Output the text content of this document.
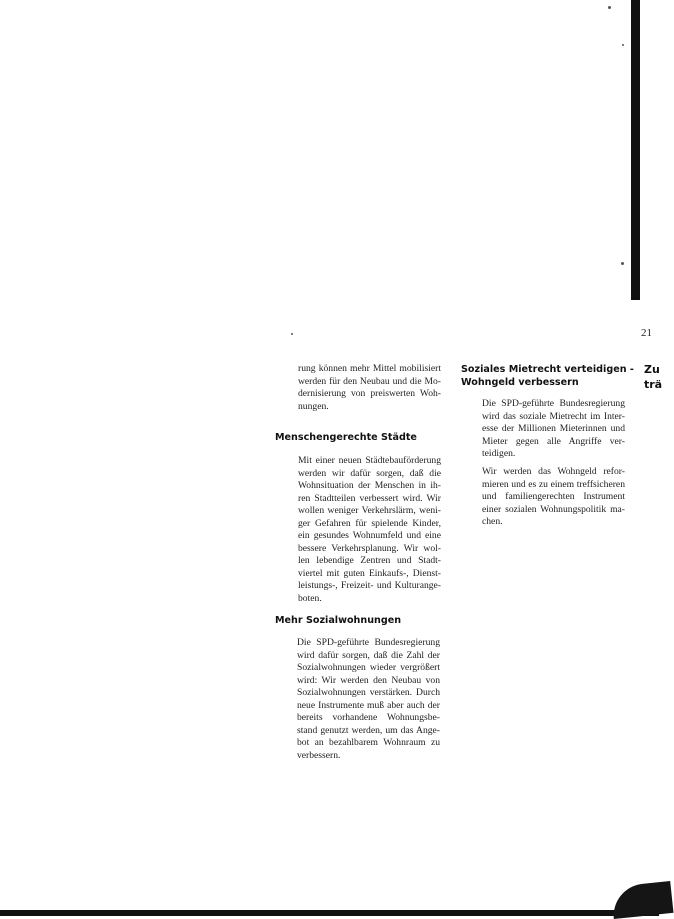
21
rung können mehr Mittel mobilisiert
werden für den Neubau und die Mo-
dernisierung von preiswerten Woh-
nungen.
Menschengerechte Städte
Mit einer neuen Städtebauförderung
werden wir dafür sorgen, daß die
Wohnsituation der Menschen in ih-
ren Stadtteilen verbessert wird. Wir
wollen weniger Verkehrslärm, weni-
ger Gefahren für spielende Kinder,
ein gesundes Wohnumfeld und eine
bessere Verkehrsplanung. Wir wol-
len lebendige Zentren und Stadt-
viertel mit guten Einkaufs-, Dienst-
leistungs-, Freizeit- und Kulturange-
boten.
Mehr Sozialwohnungen
Die SPD-geführte Bundesregierung
wird dafür sorgen, daß die Zahl der
Sozialwohnungen wieder vergrößert
wird: Wir werden den Neubau von
Sozialwohnungen verstärken. Durch
neue Instrumente muß aber auch der
bereits vorhandene Wohnungsbe-
stand genutzt werden, um das Ange-
bot an bezahlbarem Wohnraum zu
verbessern.
Soziales Mietrecht verteidigen -
Wohngeld verbessern
Die SPD-geführte Bundesregierung
wird das soziale Mietrecht im Inter-
esse der Millionen Mieterinnen und
Mieter gegen alle Angriffe ver-
teidigen.
Wir werden das Wohngeld refor-
mieren und es zu einem treffsicheren
und familiengerechten Instrument
einer sozialen Wohnungspolitik ma-
chen.
Zu
trä
